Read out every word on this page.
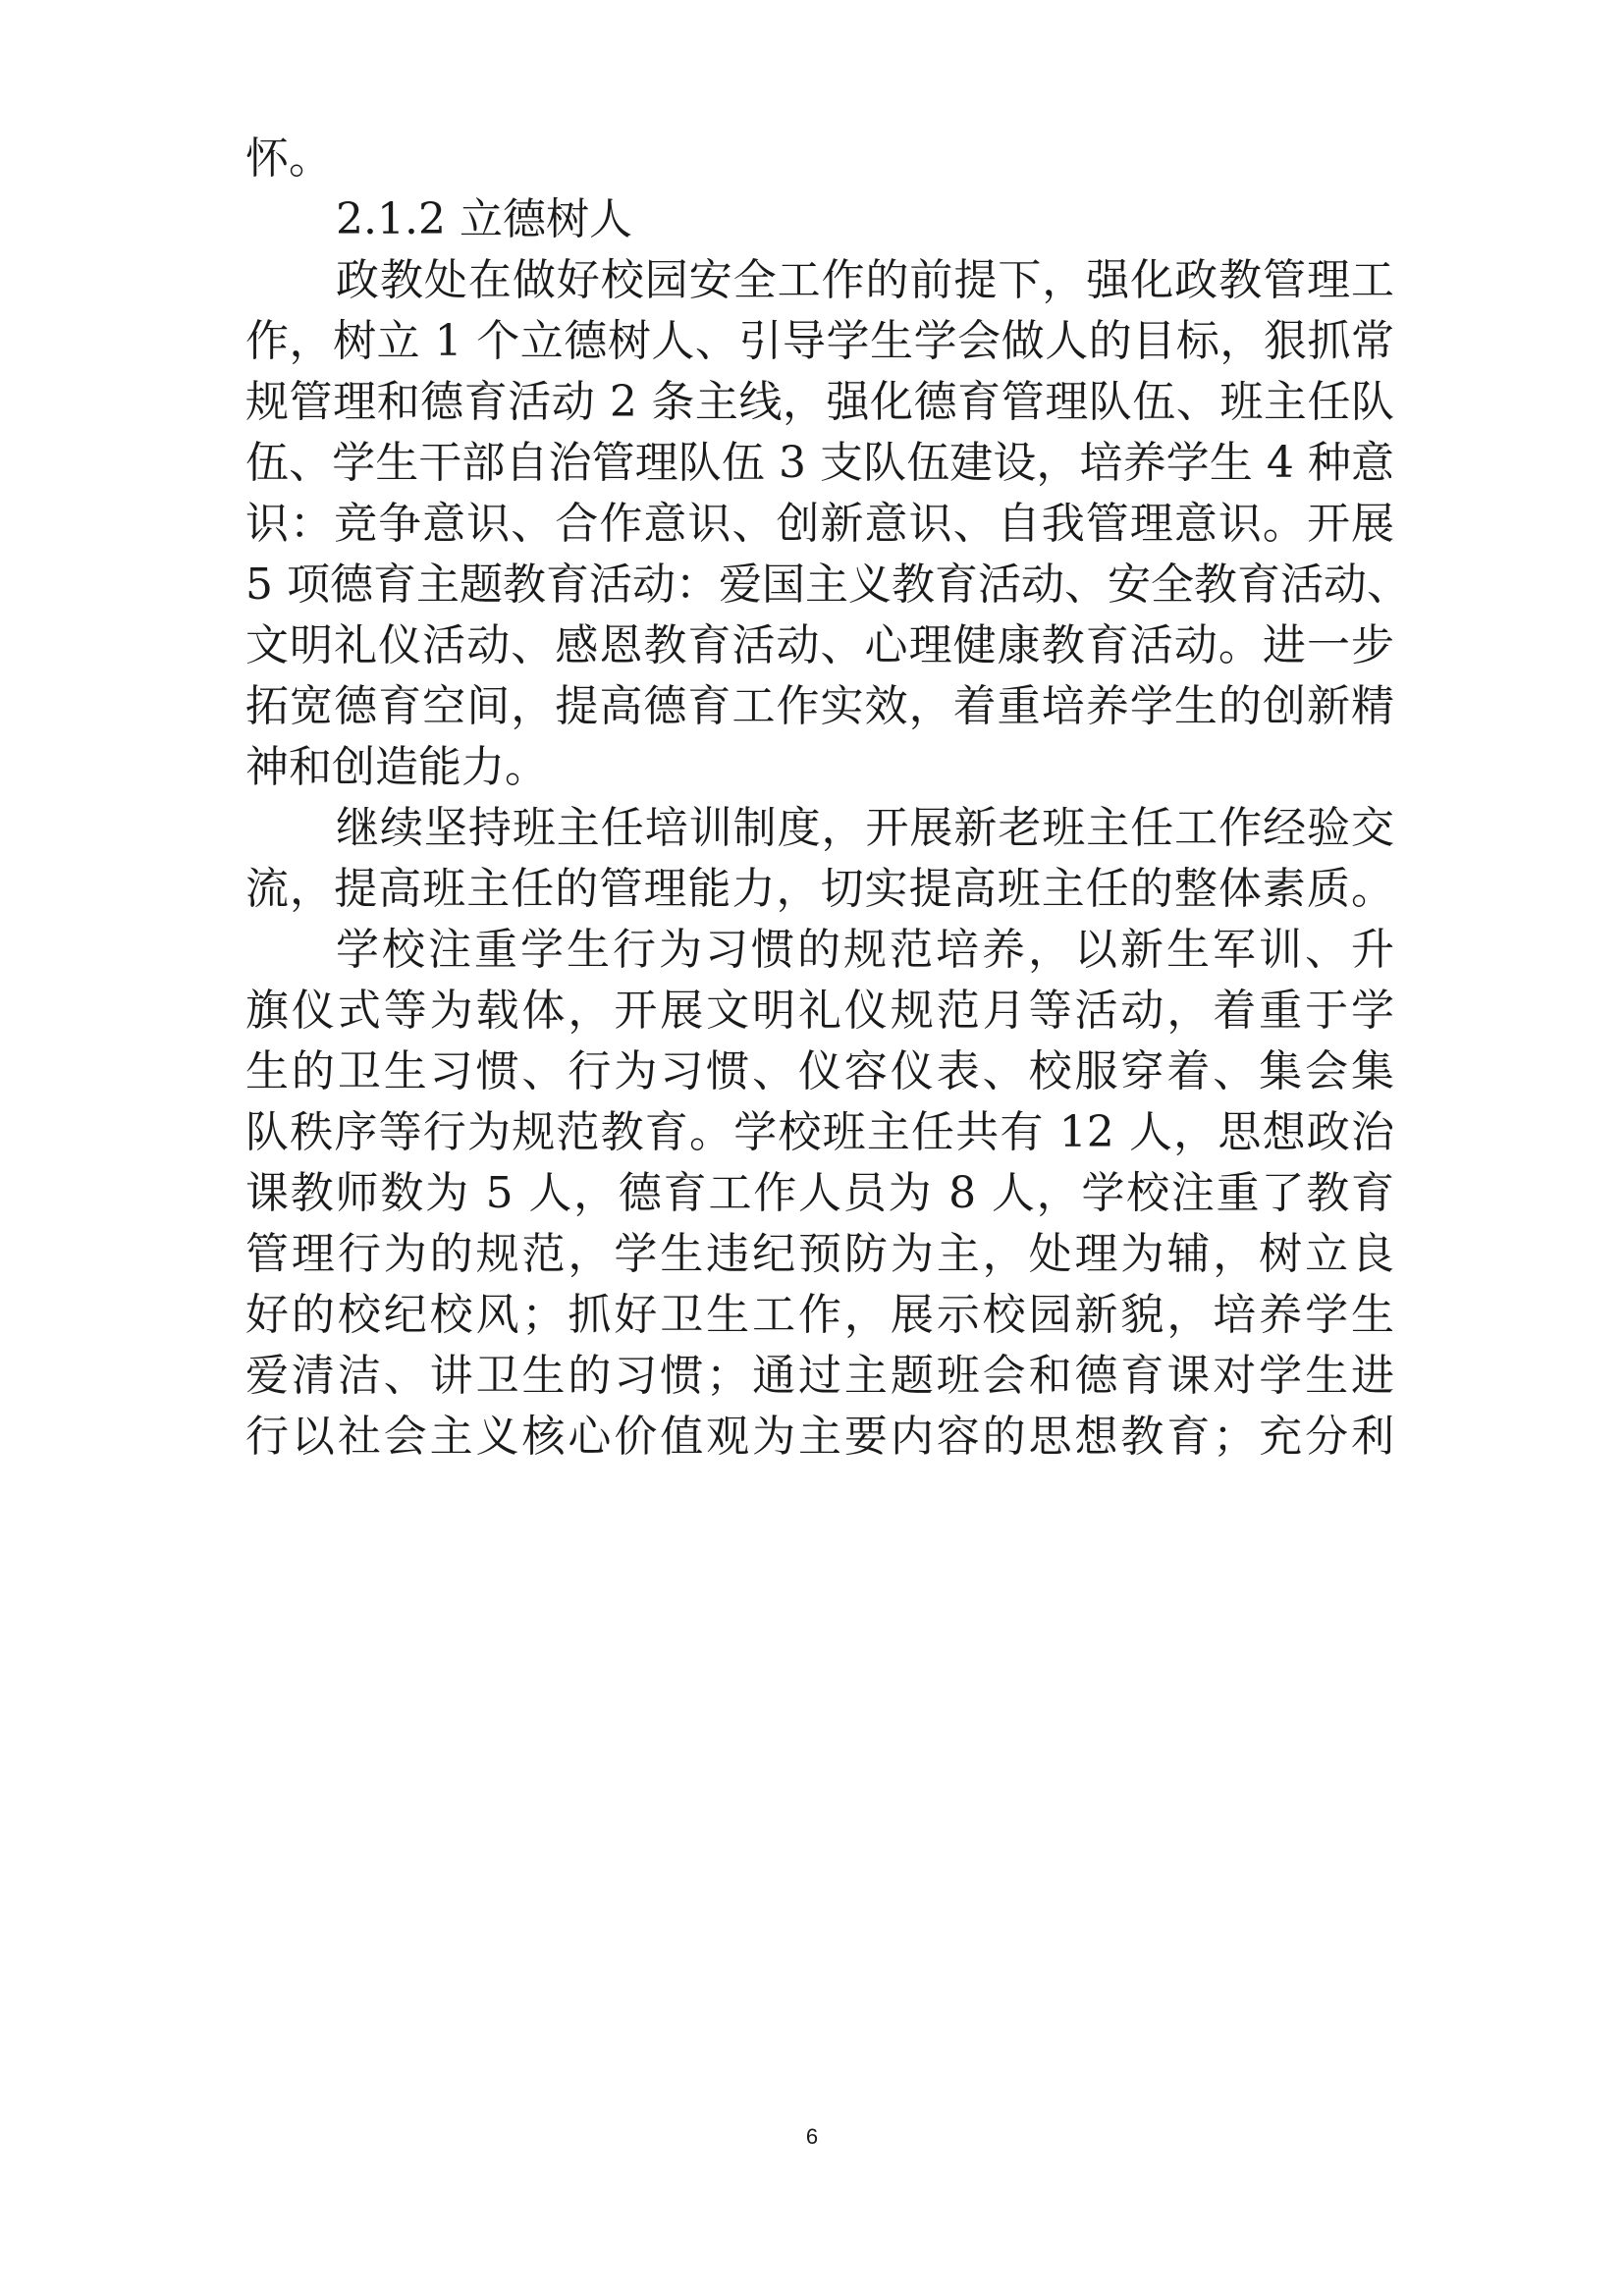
怀。
2.1.2 立德树人
政教处在做好校园安全工作的前提下，强化政教管理工
作，树立 1 个立德树人、引导学生学会做人的目标，狠抓常
规管理和德育活动 2 条主线，强化德育管理队伍、班主任队
伍、学生干部自治管理队伍 3 支队伍建设，培养学生 4 种意
识：竞争意识、合作意识、创新意识、自我管理意识。开展
5 项德育主题教育活动：爱国主义教育活动、安全教育活动、
文明礼仪活动、感恩教育活动、心理健康教育活动。进一步
拓宽德育空间，提高德育工作实效，着重培养学生的创新精
神和创造能力。
继续坚持班主任培训制度，开展新老班主任工作经验交
流，提高班主任的管理能力，切实提高班主任的整体素质。
学校注重学生行为习惯的规范培养，以新生军训、升
旗仪式等为载体，开展文明礼仪规范月等活动，着重于学
生的卫生习惯、行为习惯、仪容仪表、校服穿着、集会集
队秩序等行为规范教育。学校班主任共有 12 人，思想政治
课教师数为 5 人，德育工作人员为 8 人，学校注重了教育
管理行为的规范，学生违纪预防为主，处理为辅，树立良
好的校纪校风；抓好卫生工作，展示校园新貌，培养学生
爱清洁、讲卫生的习惯；通过主题班会和德育课对学生进
行以社会主义核心价值观为主要内容的思想教育；充分利
6
